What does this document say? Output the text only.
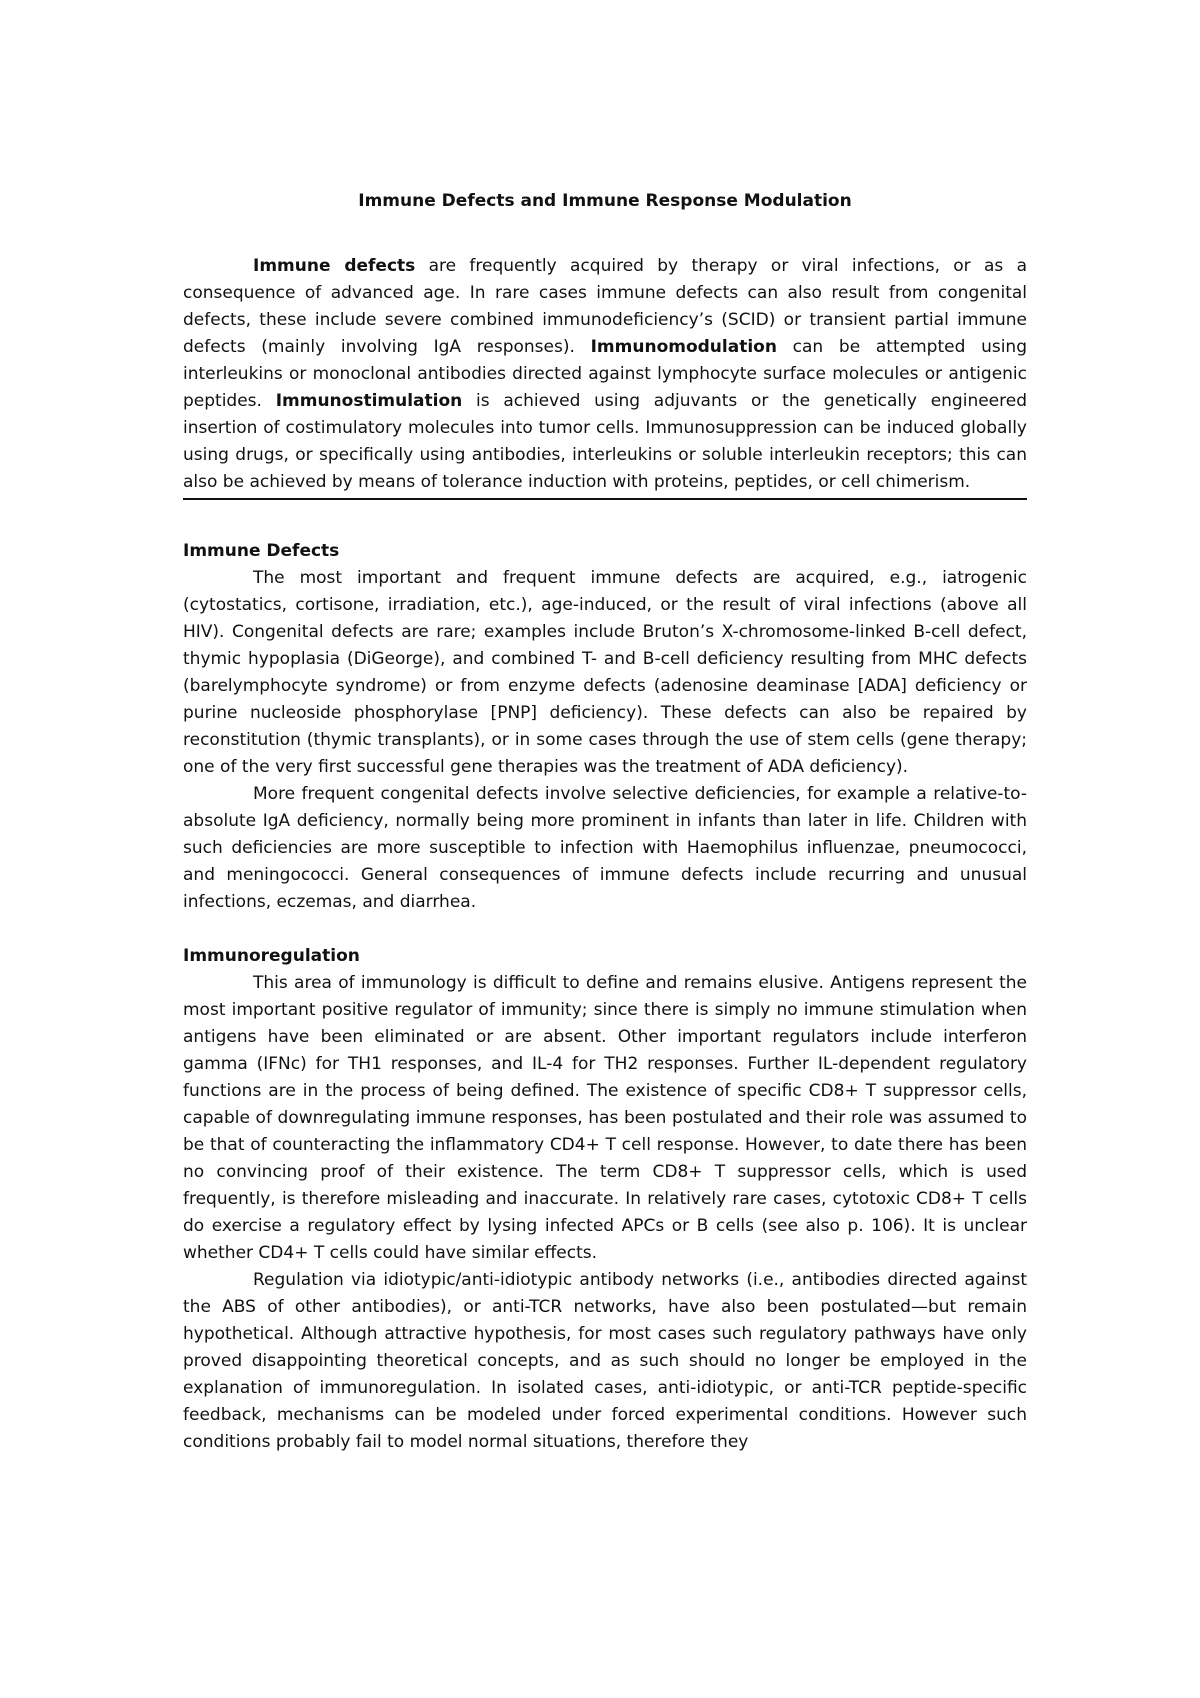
Immune Defects and Immune Response Modulation

Immune defects are frequently acquired by therapy or viral infections, or as a consequence of advanced age. In rare cases immune defects can also result from congenital defects, these include severe combined immunodeficiency’s (SCID) or transient partial immune defects (mainly involving IgA responses). Immunomodulation can be attempted using interleukins or monoclonal antibodies directed against lymphocyte surface molecules or antigenic peptides. Immunostimulation is achieved using adjuvants or the genetically engineered insertion of costimulatory molecules into tumor cells. Immunosuppression can be induced globally using drugs, or specifically using antibodies, interleukins or soluble interleukin receptors; this can also be achieved by means of tolerance induction with proteins, peptides, or cell chimerism.

Immune Defects

The most important and frequent immune defects are acquired, e.g., iatrogenic (cytostatics, cortisone, irradiation, etc.), age-induced, or the result of viral infections (above all HIV). Congenital defects are rare; examples include Bruton’s X-chromosome-linked B-cell defect, thymic hypoplasia (DiGeorge), and combined T- and B-cell deficiency resulting from MHC defects (barelymphocyte syndrome) or from enzyme defects (adenosine deaminase [ADA] deficiency or purine nucleoside phosphorylase [PNP] deficiency). These defects can also be repaired by reconstitution (thymic transplants), or in some cases through the use of stem cells (gene therapy; one of the very first successful gene therapies was the treatment of ADA deficiency).

More frequent congenital defects involve selective deficiencies, for example a relative-to-absolute IgA deficiency, normally being more prominent in infants than later in life. Children with such deficiencies are more susceptible to infection with Haemophilus influenzae, pneumococci, and meningococci. General consequences of immune defects include recurring and unusual infections, eczemas, and diarrhea.

Immunoregulation

This area of immunology is difficult to define and remains elusive. Antigens represent the most important positive regulator of immunity; since there is simply no immune stimulation when antigens have been eliminated or are absent. Other important regulators include interferon gamma (IFNc) for TH1 responses, and IL-4 for TH2 responses. Further IL-dependent regulatory functions are in the process of being defined. The existence of specific CD8+ T suppressor cells, capable of downregulating immune responses, has been postulated and their role was assumed to be that of counteracting the inflammatory CD4+ T cell response. However, to date there has been no convincing proof of their existence. The term CD8+ T suppressor cells, which is used frequently, is therefore misleading and inaccurate. In relatively rare cases, cytotoxic CD8+ T cells do exercise a regulatory effect by lysing infected APCs or B cells (see also p. 106). It is unclear whether CD4+ T cells could have similar effects.

Regulation via idiotypic/anti-idiotypic antibody networks (i.e., antibodies directed against the ABS of other antibodies), or anti-TCR networks, have also been postulated—but remain hypothetical. Although attractive hypothesis, for most cases such regulatory pathways have only proved disappointing theoretical concepts, and as such should no longer be employed in the explanation of immunoregulation. In isolated cases, anti-idiotypic, or anti-TCR peptide-specific feedback, mechanisms can be modeled under forced experimental conditions. However such conditions probably fail to model normal situations, therefore they
